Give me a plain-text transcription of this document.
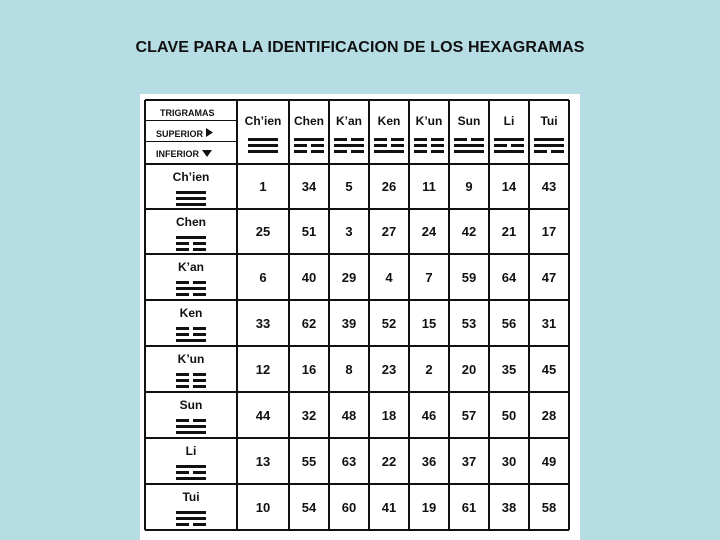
CLAVE PARA LA IDENTIFICACION DE LOS HEXAGRAMAS
TRIGRAMAS
SUPERIOR
INFERIOR
Ch’ien Chen K’an Ken K’un Sun Li Tui
Ch’ien
1	34	5	26	11	9	14	43
Chen
25	51	3	27	24	42	21	17
K’an
6	40	29	4	7	59	64	47
Ken
33	62	39	52	15	53	56	31
K’un
12	16	8	23	2	20	35	45
Sun
44	32	48	18	46	57	50	28
Li
13	55	63	22	36	37	30	49
Tui
10	54	60	41	19	61	38	58
